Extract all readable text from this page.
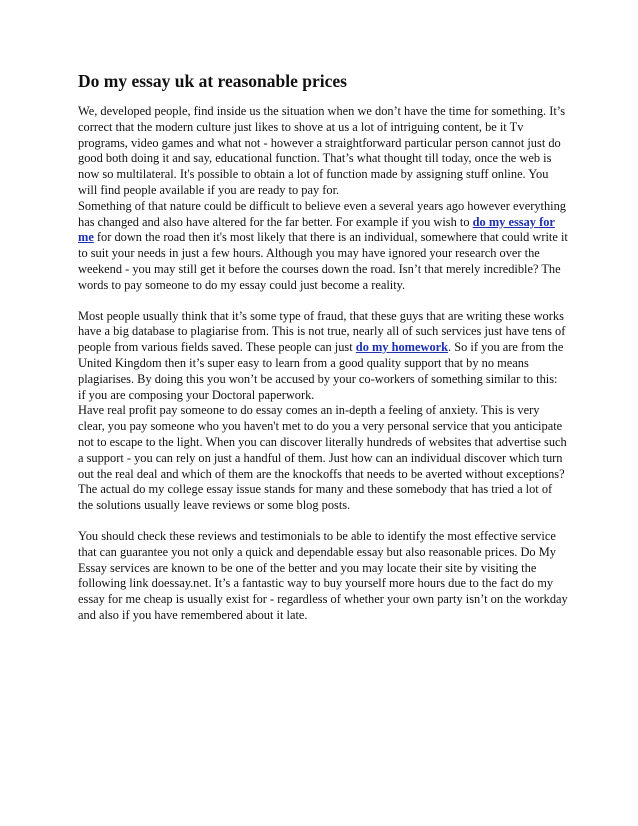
Do my essay uk at reasonable prices

We, developed people, find inside us the situation when we don’t have the time for something. It’s correct that the modern culture just likes to shove at us a lot of intriguing content, be it Tv programs, video games and what not - however a straightforward particular person cannot just do good both doing it and say, educational function. That’s what thought till today, once the web is now so multilateral. It's possible to obtain a lot of function made by assigning stuff online. You will find people available if you are ready to pay for.

Something of that nature could be difficult to believe even a several years ago however everything has changed and also have altered for the far better. For example if you wish to do my essay for me for down the road then it's most likely that there is an individual, somewhere that could write it to suit your needs in just a few hours. Although you may have ignored your research over the weekend - you may still get it before the courses down the road. Isn’t that merely incredible? The words to pay someone to do my essay could just become a reality.

Most people usually think that it’s some type of fraud, that these guys that are writing these works have a big database to plagiarise from. This is not true, nearly all of such services just have tens of people from various fields saved. These people can just do my homework. So if you are from the United Kingdom then it’s super easy to learn from a good quality support that by no means plagiarises. By doing this you won’t be accused by your co-workers of something similar to this: if you are composing your Doctoral paperwork.

Have real profit pay someone to do essay comes an in-depth a feeling of anxiety. This is very clear, you pay someone who you haven't met to do you a very personal service that you anticipate not to escape to the light. When you can discover literally hundreds of websites that advertise such a support - you can rely on just a handful of them. Just how can an individual discover which turn out the real deal and which of them are the knockoffs that needs to be averted without exceptions? The actual do my college essay issue stands for many and these somebody that has tried a lot of the solutions usually leave reviews or some blog posts.

You should check these reviews and testimonials to be able to identify the most effective service that can guarantee you not only a quick and dependable essay but also reasonable prices. Do My Essay services are known to be one of the better and you may locate their site by visiting the following link doessay.net. It’s a fantastic way to buy yourself more hours due to the fact do my essay for me cheap is usually exist for - regardless of whether your own party isn’t on the workday and also if you have remembered about it late.
